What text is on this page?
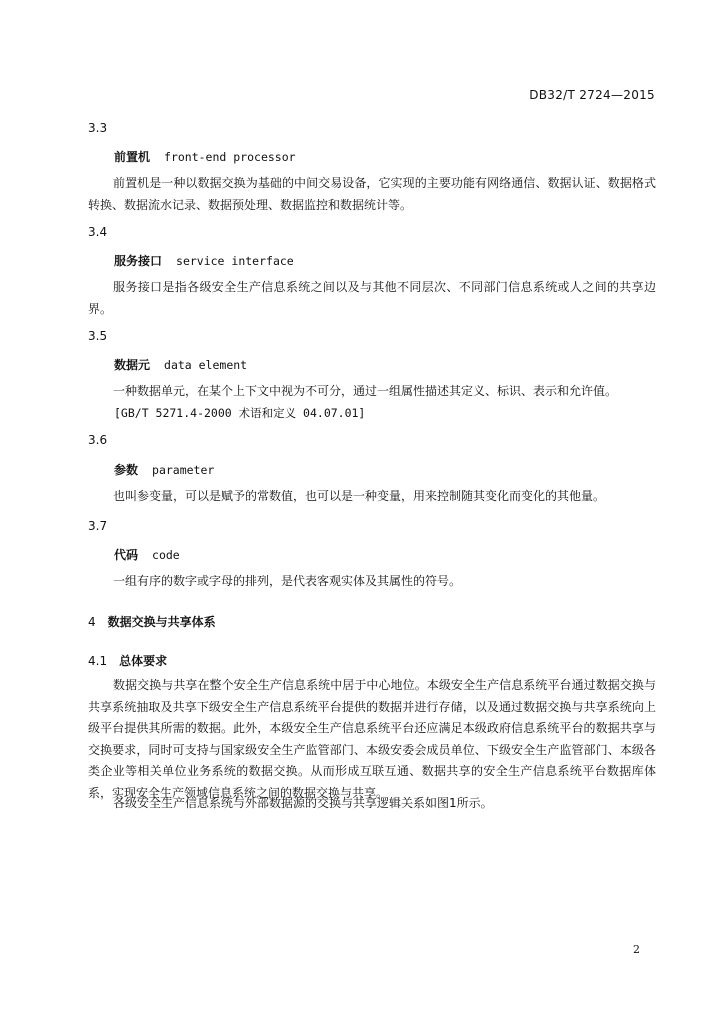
DB32/T 2724—2015
3.3
前置机 front-end processor
前置机是一种以数据交换为基础的中间交易设备，它实现的主要功能有网络通信、数据认证、数据格式转换、数据流水记录、数据预处理、数据监控和数据统计等。
3.4
服务接口 service interface
服务接口是指各级安全生产信息系统之间以及与其他不同层次、不同部门信息系统或人之间的共享边界。
3.5
数据元 data element
一种数据单元，在某个上下文中视为不可分，通过一组属性描述其定义、标识、表示和允许值。
[GB/T 5271.4-2000 术语和定义 04.07.01]
3.6
参数 parameter
也叫参变量，可以是赋予的常数值，也可以是一种变量，用来控制随其变化而变化的其他量。
3.7
代码 code
一组有序的数字或字母的排列，是代表客观实体及其属性的符号。
4 数据交换与共享体系
4.1 总体要求
数据交换与共享在整个安全生产信息系统中居于中心地位。本级安全生产信息系统平台通过数据交换与共享系统抽取及共享下级安全生产信息系统平台提供的数据并进行存储，以及通过数据交换与共享系统向上级平台提供其所需的数据。此外，本级安全生产信息系统平台还应满足本级政府信息系统平台的数据共享与交换要求，同时可支持与国家级安全生产监管部门、本级安委会成员单位、下级安全生产监管部门、本级各类企业等相关单位业务系统的数据交换。从而形成互联互通、数据共享的安全生产信息系统平台数据库体系，实现安全生产领域信息系统之间的数据交换与共享。
各级安全生产信息系统与外部数据源的交换与共享逻辑关系如图1所示。
2
